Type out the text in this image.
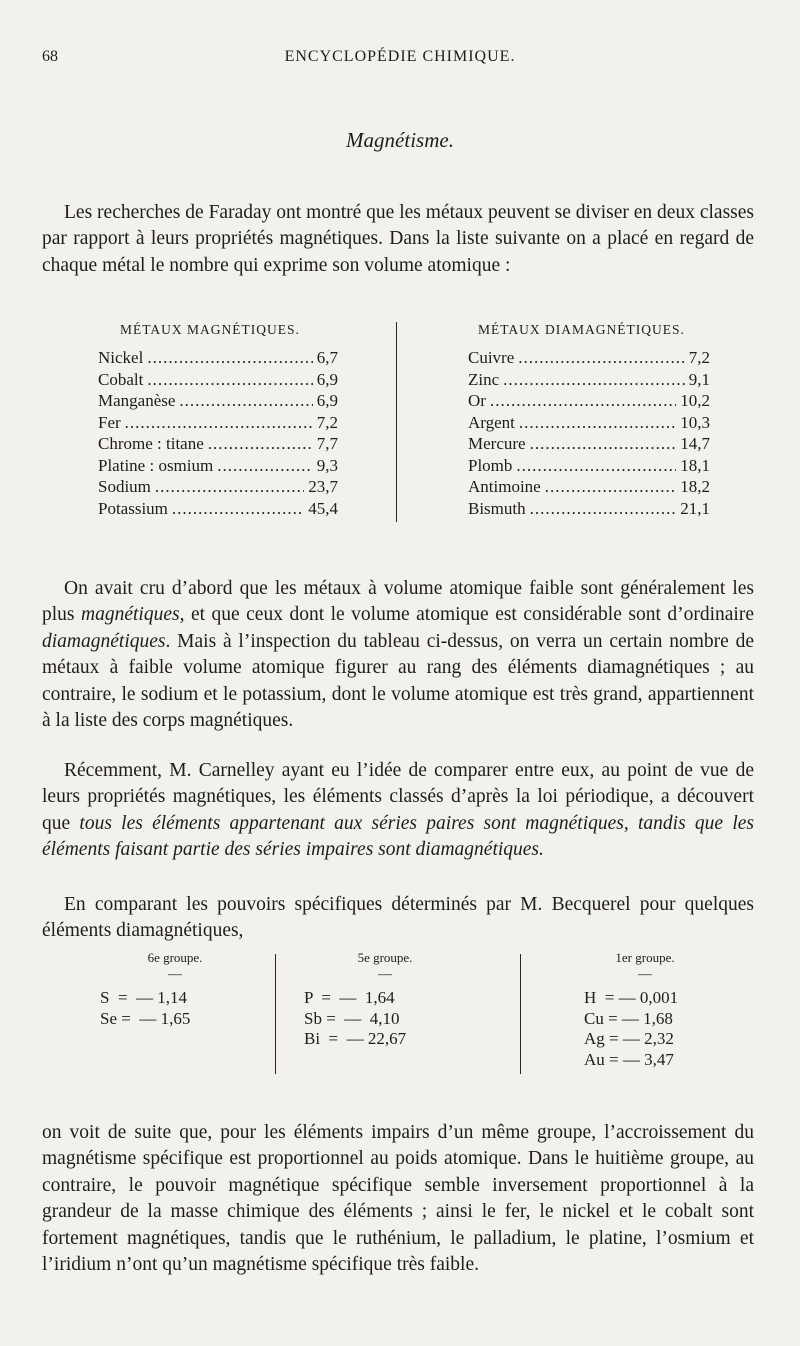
68	ENCYCLOPÉDIE CHIMIQUE.
Magnétisme.

Les recherches de Faraday ont montré que les métaux peuvent se diviser en deux classes par rapport à leurs propriétés magnétiques. Dans la liste suivante on a placé en regard de chaque métal le nombre qui exprime son volume atomique :

MÉTAUX MAGNÉTIQUES.
Nickel .....	6,7
Cobalt .....	6,9
Manganèse .....	6,9
Fer .....	7,2
Chrome : titane .....	7,7
Platine : osmium .....	9,3
Sodium .....	23,7
Potassium .....	45,4
MÉTAUX DIAMAGNÉTIQUES.
Cuivre .....	7,2
Zinc .....	9,1
Or .....	10,2
Argent .....	10,3
Mercure .....	14,7
Plomb .....	18,1
Antimoine .....	18,2
Bismuth .....	21,1

On avait cru d’abord que les métaux à volume atomique faible sont généralement les plus magnétiques, et que ceux dont le volume atomique est considérable sont d’ordinaire diamagnétiques. Mais à l’inspection du tableau ci-dessus, on verra un certain nombre de métaux à faible volume atomique figurer au rang des éléments diamagnétiques ; au contraire, le sodium et le potassium, dont le volume atomique est très grand, appartiennent à la liste des corps magnétiques.

Récemment, M. Carnelley ayant eu l’idée de comparer entre eux, au point de vue de leurs propriétés magnétiques, les éléments classés d’après la loi périodique, a découvert que tous les éléments appartenant aux séries paires sont magnétiques, tandis que les éléments faisant partie des séries impaires sont diamagnétiques.

En comparant les pouvoirs spécifiques déterminés par M. Becquerel pour quelques éléments diamagnétiques,

6e groupe.
—
S  =  — 1,14
Se =  — 1,65
5e groupe.
—
P  =  —  1,64
Sb =  —  4,10
Bi  =  — 22,67
1er groupe.
—
H  = — 0,001
Cu = — 1,68
Ag = — 2,32
Au = — 3,47

on voit de suite que, pour les éléments impairs d’un même groupe, l’accroissement du magnétisme spécifique est proportionnel au poids atomique. Dans le huitième groupe, au contraire, le pouvoir magnétique spécifique semble inversement proportionnel à la grandeur de la masse chimique des éléments ; ainsi le fer, le nickel et le cobalt sont fortement magnétiques, tandis que le ruthénium, le palladium, le platine, l’osmium et l’iridium n’ont qu’un magnétisme spécifique très faible.
